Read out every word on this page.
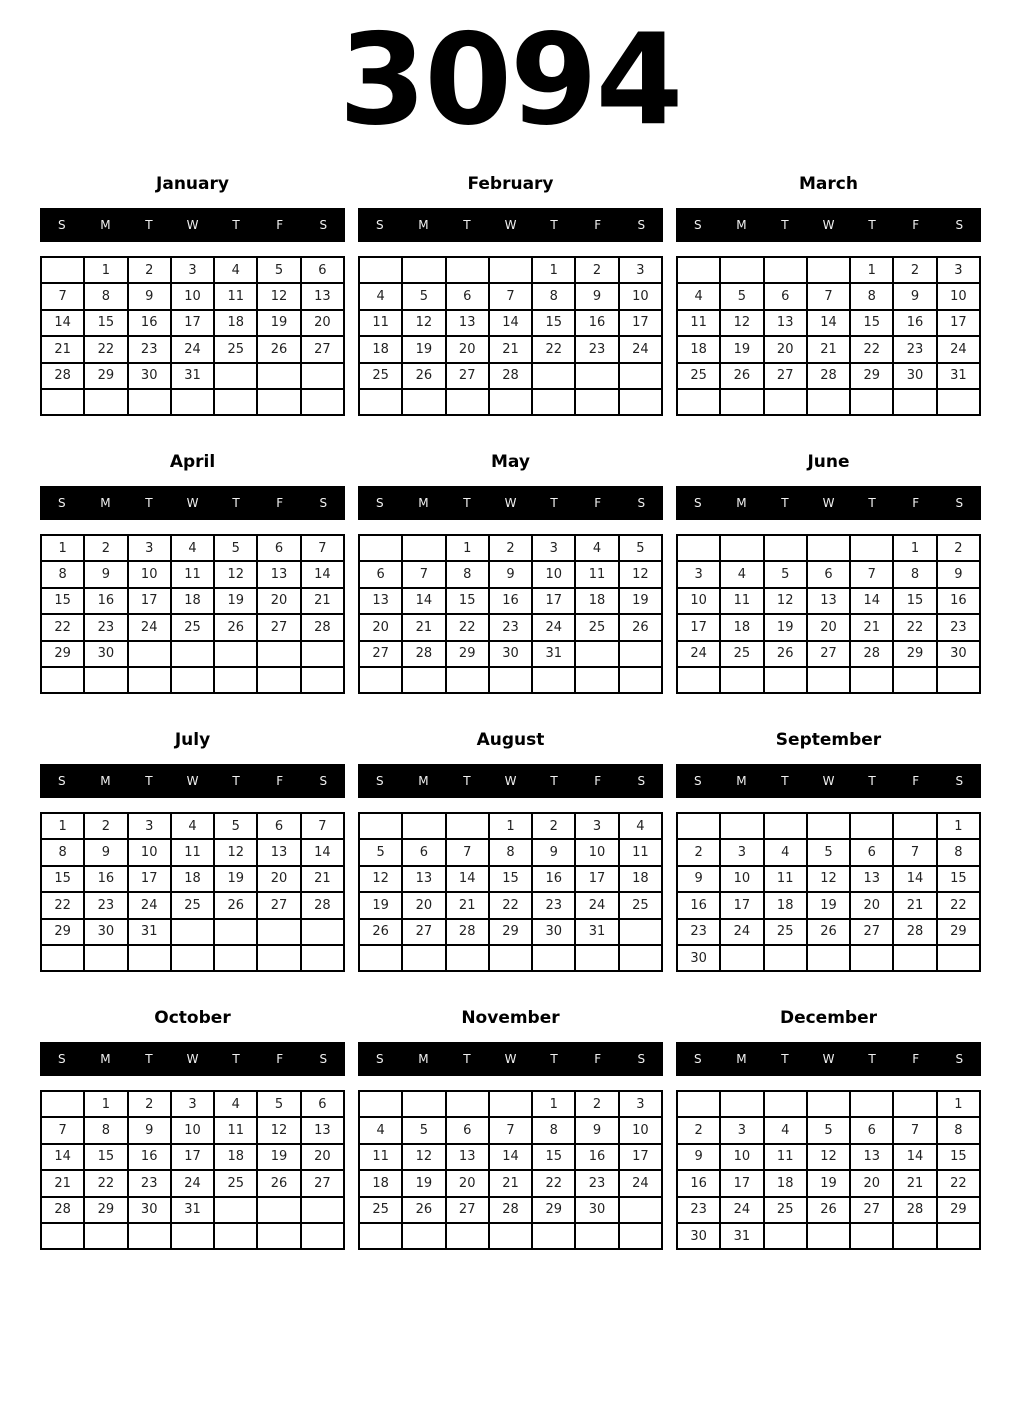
3094
January
S	M	T	W	T	F	S
	1	2	3	4	5	6
7	8	9	10	11	12	13
14	15	16	17	18	19	20
21	22	23	24	25	26	27
28	29	30	31			

February
S	M	T	W	T	F	S
				1	2	3
4	5	6	7	8	9	10
11	12	13	14	15	16	17
18	19	20	21	22	23	24
25	26	27	28			

March
S	M	T	W	T	F	S
				1	2	3
4	5	6	7	8	9	10
11	12	13	14	15	16	17
18	19	20	21	22	23	24
25	26	27	28	29	30	31

April
S	M	T	W	T	F	S
1	2	3	4	5	6	7
8	9	10	11	12	13	14
15	16	17	18	19	20	21
22	23	24	25	26	27	28
29	30					

May
S	M	T	W	T	F	S
		1	2	3	4	5
6	7	8	9	10	11	12
13	14	15	16	17	18	19
20	21	22	23	24	25	26
27	28	29	30	31		

June
S	M	T	W	T	F	S
					1	2
3	4	5	6	7	8	9
10	11	12	13	14	15	16
17	18	19	20	21	22	23
24	25	26	27	28	29	30

July
S	M	T	W	T	F	S
1	2	3	4	5	6	7
8	9	10	11	12	13	14
15	16	17	18	19	20	21
22	23	24	25	26	27	28
29	30	31				

August
S	M	T	W	T	F	S
			1	2	3	4
5	6	7	8	9	10	11
12	13	14	15	16	17	18
19	20	21	22	23	24	25
26	27	28	29	30	31	

September
S	M	T	W	T	F	S
						1
2	3	4	5	6	7	8
9	10	11	12	13	14	15
16	17	18	19	20	21	22
23	24	25	26	27	28	29
30						
October
S	M	T	W	T	F	S
	1	2	3	4	5	6
7	8	9	10	11	12	13
14	15	16	17	18	19	20
21	22	23	24	25	26	27
28	29	30	31			

November
S	M	T	W	T	F	S
				1	2	3
4	5	6	7	8	9	10
11	12	13	14	15	16	17
18	19	20	21	22	23	24
25	26	27	28	29	30	

December
S	M	T	W	T	F	S
						1
2	3	4	5	6	7	8
9	10	11	12	13	14	15
16	17	18	19	20	21	22
23	24	25	26	27	28	29
30	31					
